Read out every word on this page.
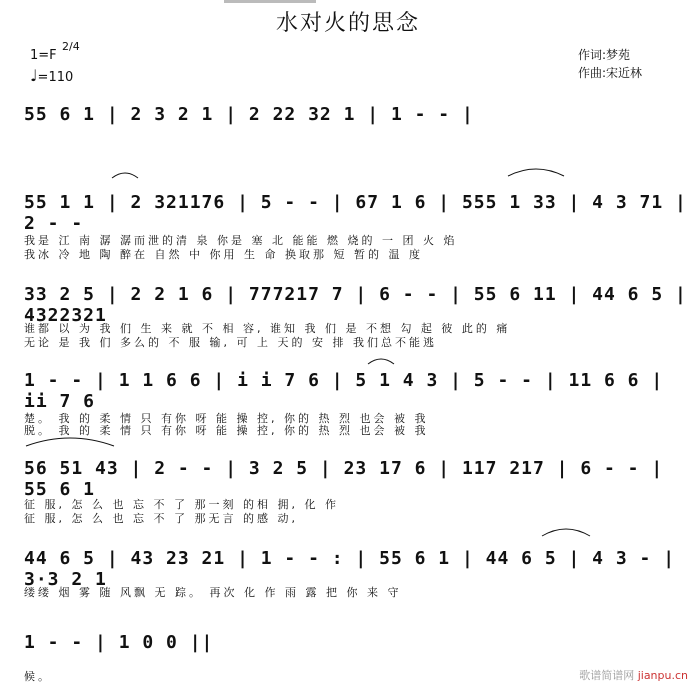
水对火的思念
1=F
2/4
♩=110
作词:梦苑
作曲:宋近林
55 6 1 | 2 3 2 1 | 2 22 32 1 | 1 - - |
55 1 1 | 2 321176 | 5 - - | 67 1 6 | 555 1 33 | 4 3 71 | 2 - -
我是 江 南 潺 潺而泄的清 泉 你是 塞 北 能能 燃 烧的 一 团 火 焰
我冰 冷 地 陶 醉在 自然 中 你用 生 命 换取那 短 暂的 温 度
33 2 5 | 2 2 1 6 | 777217 7 | 6 - - | 55 6 11 | 44 6 5 | 4322321
谁都 以 为 我 们 生 来 就 不 相 容, 谁知 我 们 是 不想 勾 起 彼 此的 痛
无论 是 我 们 多么的 不 服 输, 可 上 天的 安 排 我们总不能逃
1 - - | 1 1 6 6 | i i 7 6 | 5 1 4 3 | 5 - - | 11 6 6 | ii 7 6
楚。 我 的 柔 情 只 有你 呀 能 操 控, 你的 热 烈 也会 被 我
脱。 我 的 柔 情 只 有你 呀 能 操 控, 你的 热 烈 也会 被 我
56 51 43 | 2 - - | 3 2 5 | 23 17 6 | 117 217 | 6 - - | 55 6 1
征 服, 怎 么 也 忘 不 了 那一刻 的相 拥, 化 作
征 服, 怎 么 也 忘 不 了 那无言 的感 动,
44 6 5 | 43 23 21 | 1 - - : | 55 6 1 | 44 6 5 | 4 3 - | 3·3 2 1
缕缕 烟 雾 随 风飘 无 踪。 再次 化 作 雨 露 把 你 来 守
1 - - | 1 0 0 ||
候。	歌谱简谱网 jianpu.cn
